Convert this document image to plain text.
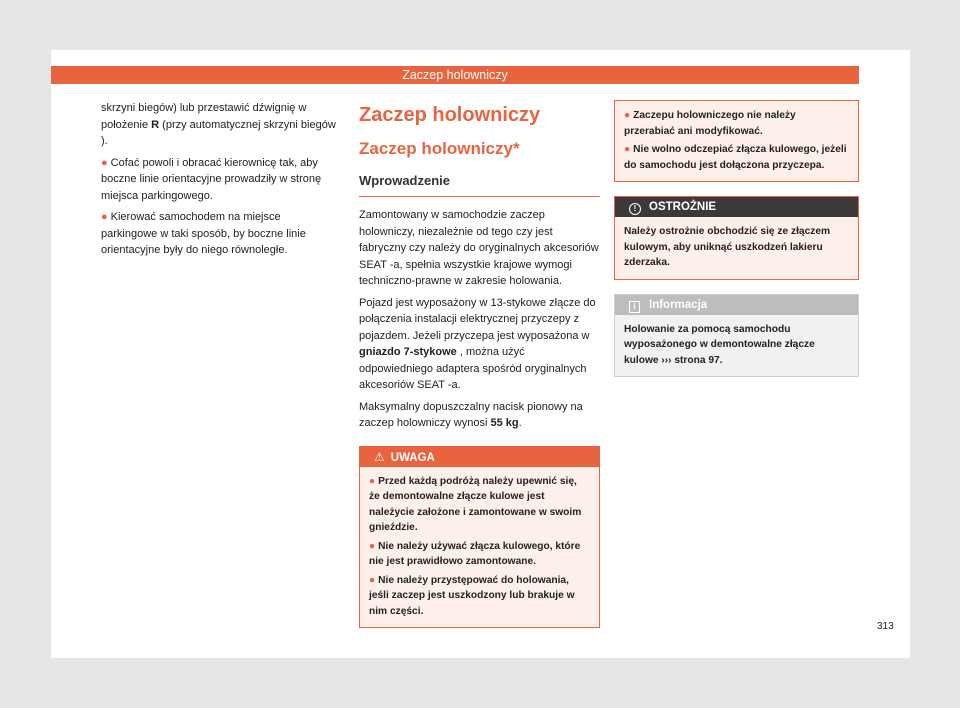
Zaczep holowniczy

skrzyni biegów) lub przestawić dźwignię w położenie R (przy automatycznej skrzyni biegów ).

● Cofać powoli i obracać kierownicę tak, aby boczne linie orientacyjne prowadziły w stronę miejsca parkingowego.

● Kierować samochodem na miejsce parkingowe w taki sposób, by boczne linie orientacyjne były do niego równoległe.

Zaczep holowniczy
Zaczep holowniczy*
Wprowadzenie

Zamontowany w samochodzie zaczep holowniczy, niezależnie od tego czy jest fabryczny czy należy do oryginalnych akcesoriów SEAT -a, spełnia wszystkie krajowe wymogi techniczno-prawne w zakresie holowania.

Pojazd jest wyposażony w 13-stykowe złącze do połączenia instalacji elektrycznej przyczepy z pojazdem. Jeżeli przyczepa jest wyposażona w gniazdo 7-stykowe , można użyć odpowiedniego adaptera spośród oryginalnych akcesoriów SEAT -a.

Maksymalny dopuszczalny nacisk pionowy na zaczep holowniczy wynosi 55 kg.

⚠ UWAGA

● Przed każdą podróżą należy upewnić się, że demontowalne złącze kulowe jest należycie założone i zamontowane w swoim gnieździe.

● Nie należy używać złącza kulowego, które nie jest prawidłowo zamontowane.

● Nie należy przystępować do holowania, jeśli zaczep jest uszkodzony lub brakuje w nim części.

● Zaczepu holowniczego nie należy przerabiać ani modyfikować.

● Nie wolno odczepiać złącza kulowego, jeżeli do samochodu jest dołączona przyczepa.

! OSTROŻNIE

Należy ostrożnie obchodzić się ze złączem kulowym, aby uniknąć uszkodzeń lakieru zderzaka.

i Informacja

Holowanie za pomocą samochodu wyposażonego w demontowalne złącze kulowe ››› strona 97.

313
